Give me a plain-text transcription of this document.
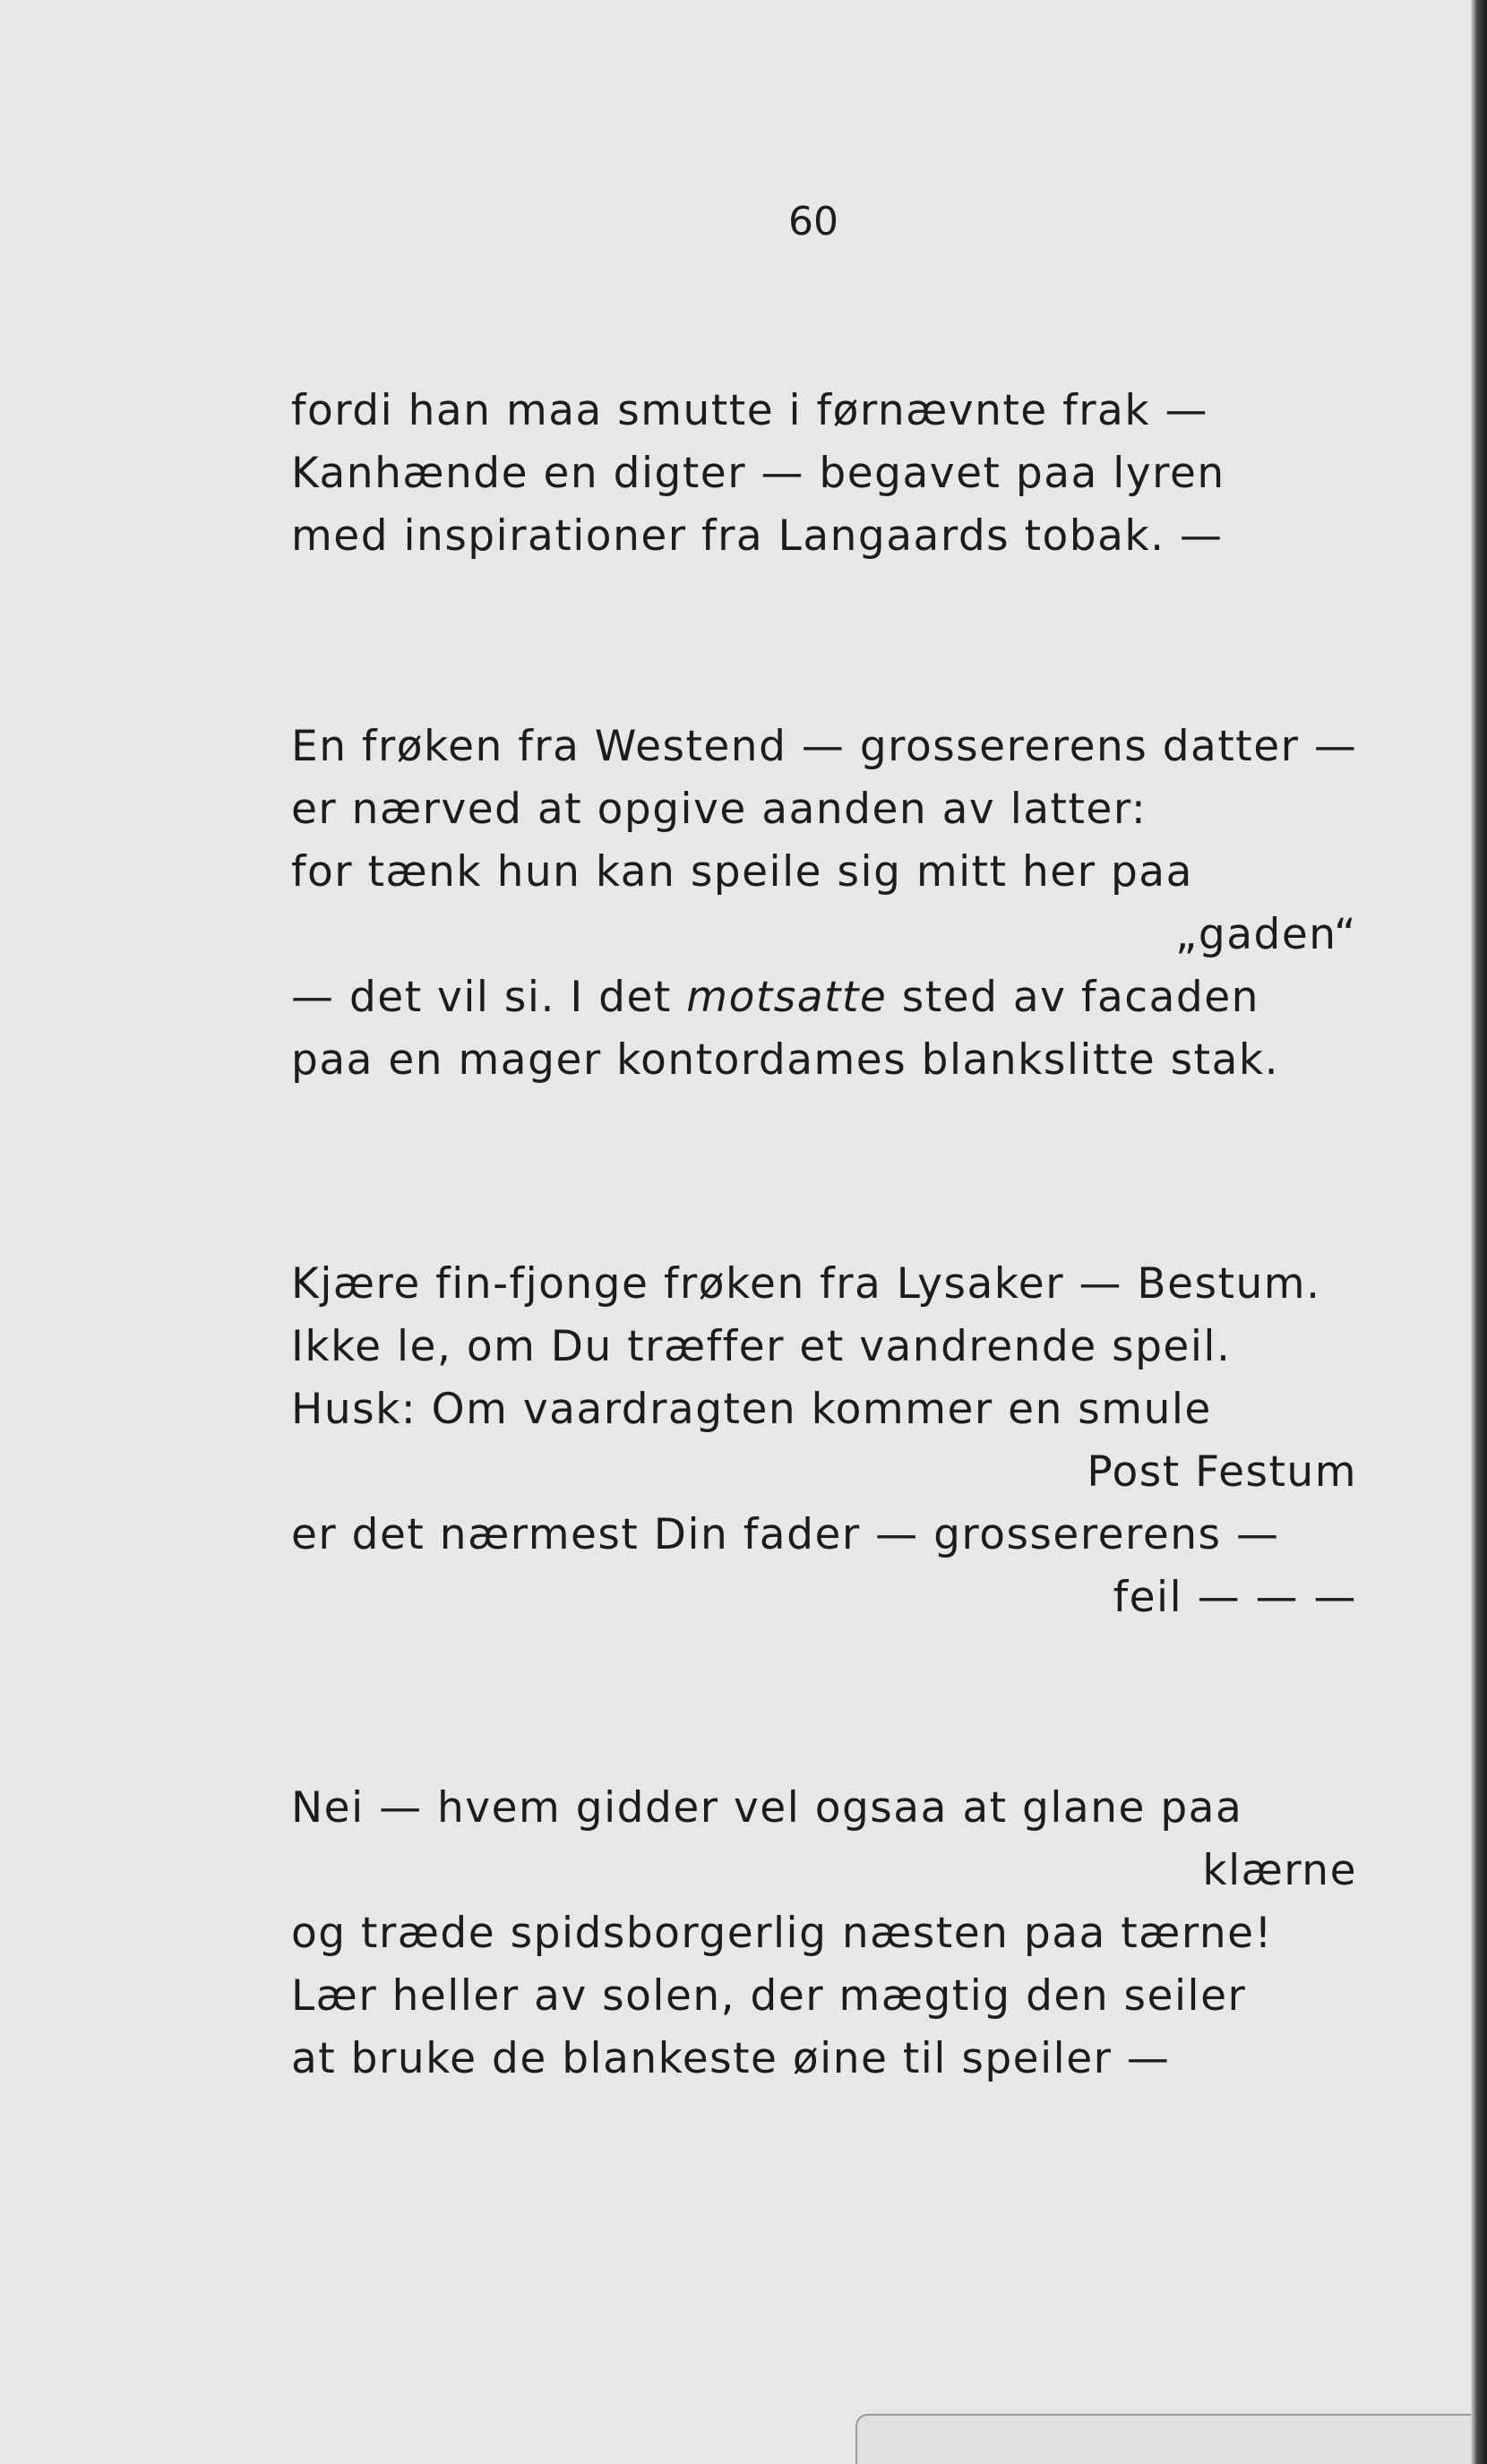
60
fordi han maa smutte i førnævnte frak —
Kanhænde en digter — begavet paa lyren
med inspirationer fra Langaards tobak. —
En frøken fra Westend — grossererens datter —
er nærved at opgive aanden av latter:
for tænk hun kan speile sig mitt her paa
„gaden“
— det vil si. I det motsatte sted av facaden
paa en mager kontordames blankslitte stak.
Kjære fin-fjonge frøken fra Lysaker — Bestum.
Ikke le, om Du træffer et vandrende speil.
Husk: Om vaardragten kommer en smule
Post Festum
er det nærmest Din fader — grossererens —
feil — — —
Nei — hvem gidder vel ogsaa at glane paa
klærne
og træde spidsborgerlig næsten paa tærne!
Lær heller av solen, der mægtig den seiler
at bruke de blankeste øine til speiler —
